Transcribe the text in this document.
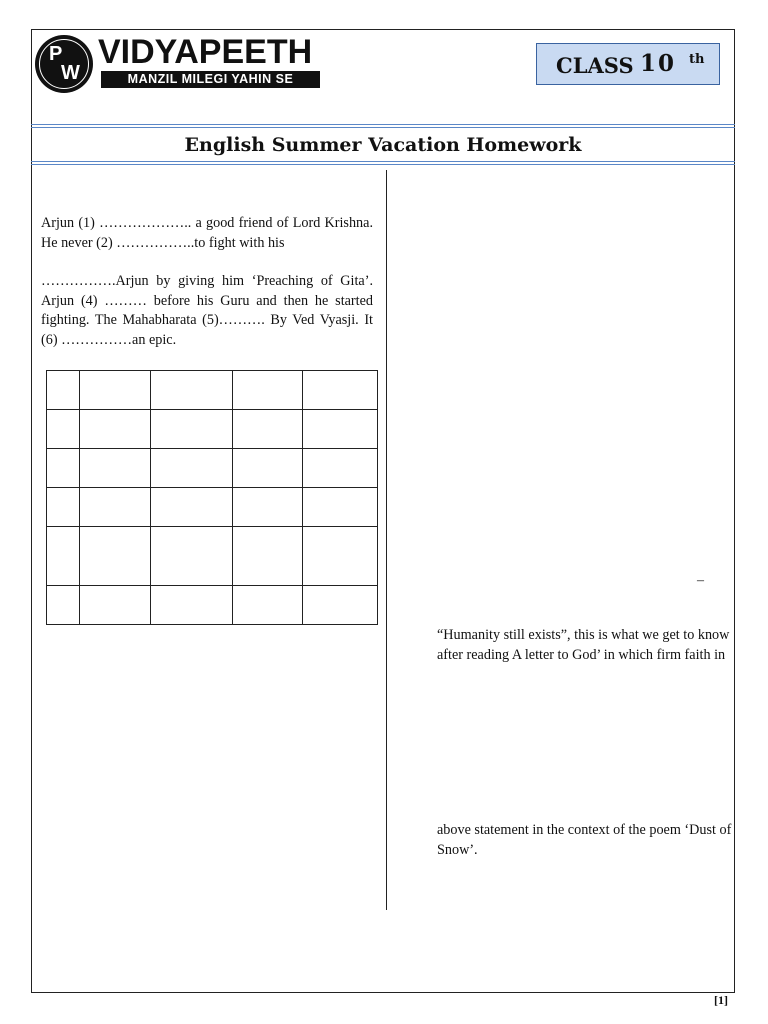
P
W
VIDYAPEETH
MANZIL MILEGI YAHIN SE
CLASS 10 th
English Summer Vacation Homework
Arjun (1) ……………….. a good friend of Lord Krishna. He never (2) ……………..to fight with his
…………….Arjun by giving him ‘Preaching of Gita’. Arjun (4) ……… before his Guru and then he started fighting. The Mahabharata (5)………. By Ved Vyasji. It (6) ……………an epic.

–
“Humanity still exists”, this is what we get to know
after reading A letter to God’ in which firm faith in
above statement in the context of the poem ‘Dust of
Snow’.
[1]
